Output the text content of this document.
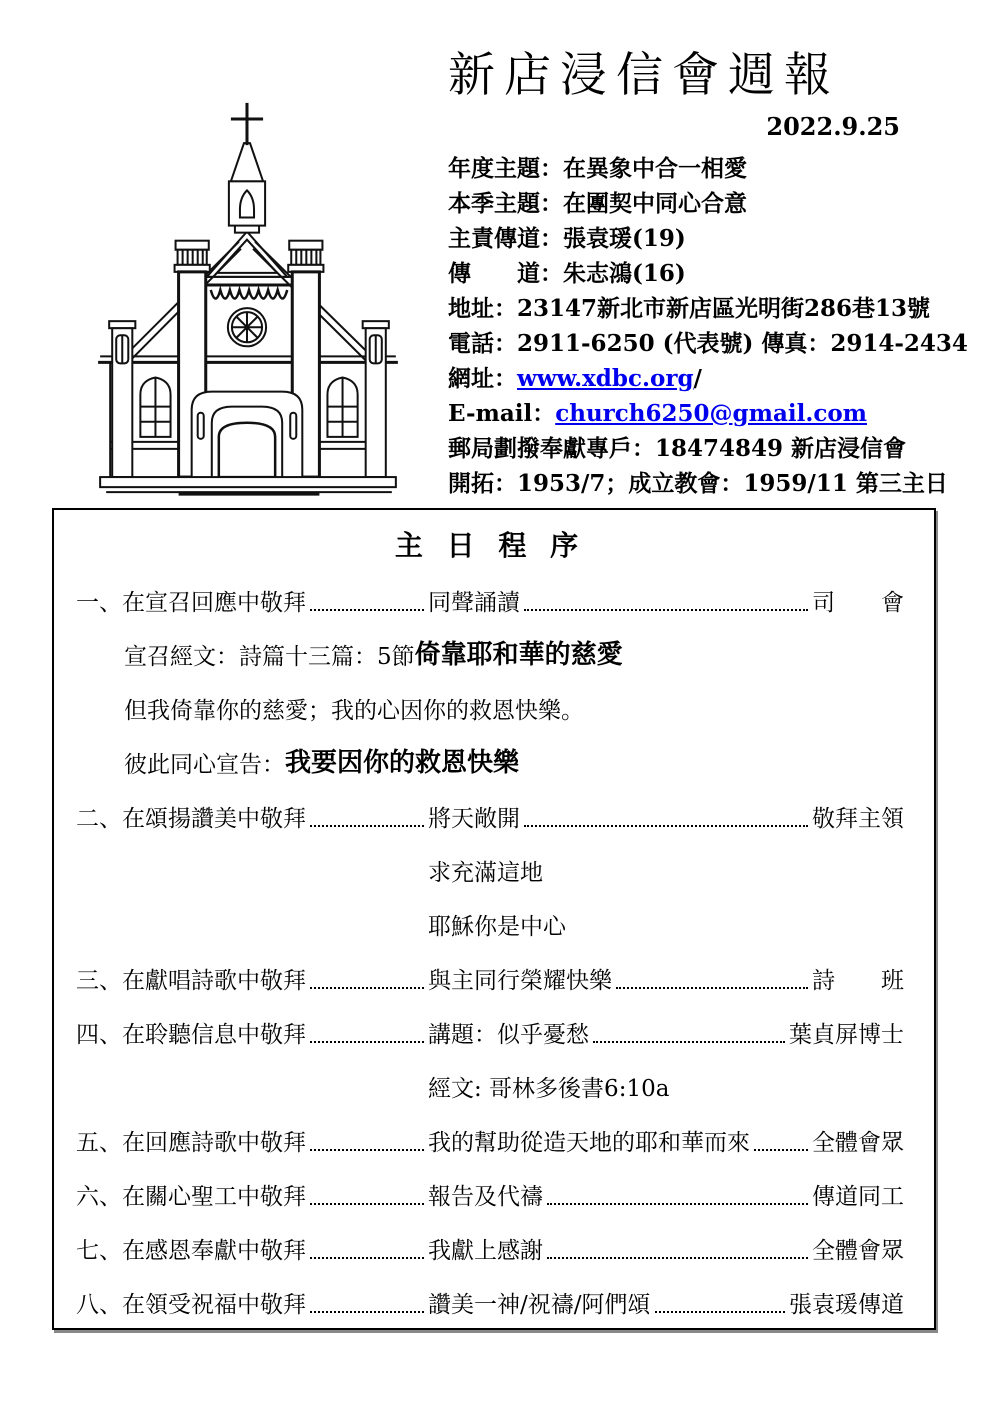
新店浸信會週報
2022.9.25
年度主題：在異象中合一相愛
本季主題：在團契中同心合意
主責傳道：張袁瑗(19)
傳　　道：朱志鴻(16)
地址：23147新北市新店區光明街286巷13號
電話：2911-6250 (代表號) 傳真：2914-2434
網址：www.xdbc.org/
E-mail：church6250@gmail.com
郵局劃撥奉獻專戶：18474849 新店浸信會
開拓：1953/7；成立教會：1959/11 第三主日
主 日 程 序
一、在宣召回應中敬拜	同聲誦讀	司　　會
宣召經文：詩篇十三篇：5節 倚靠耶和華的慈愛
但我倚靠你的慈愛；我的心因你的救恩快樂。
彼此同心宣告： 我要因你的救恩快樂
二、在頌揚讚美中敬拜	將天敞開	敬拜主領
求充滿這地
耶穌你是中心
三、在獻唱詩歌中敬拜	與主同行榮耀快樂	詩　　班
四、在聆聽信息中敬拜	講題：似乎憂愁	葉貞屏博士
經文: 哥林多後書6:10a
五、在回應詩歌中敬拜	我的幫助從造天地的耶和華而來	全體會眾
六、在關心聖工中敬拜	報告及代禱	傳道同工
七、在感恩奉獻中敬拜	我獻上感謝	全體會眾
八、在領受祝福中敬拜	讚美一神/祝禱/阿們頌	張袁瑗傳道
